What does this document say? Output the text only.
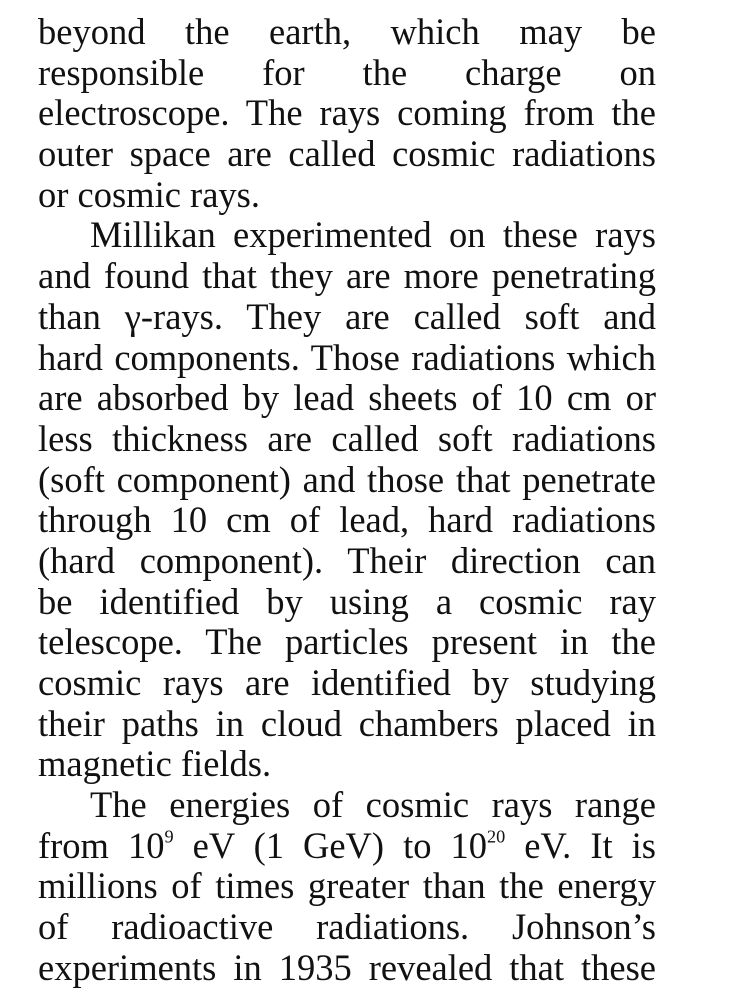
beyond the earth, which may be
responsible for the charge on
electroscope. The rays coming from the
outer space are called cosmic radiations
or cosmic rays.
Millikan experimented on these rays
and found that they are more penetrating
than γ-rays. They are called soft and
hard components. Those radiations which
are absorbed by lead sheets of 10 cm or
less thickness are called soft radiations
(soft component) and those that penetrate
through 10 cm of lead, hard radiations
(hard component). Their direction can
be identified by using a cosmic ray
telescope. The particles present in the
cosmic rays are identified by studying
their paths in cloud chambers placed in
magnetic fields.
The energies of cosmic rays range
from $10^9$ eV (1 GeV) to $10^{20}$ eV. It is
millions of times greater than the energy
of radioactive radiations. Johnson’s
experiments in 1935 revealed that these
